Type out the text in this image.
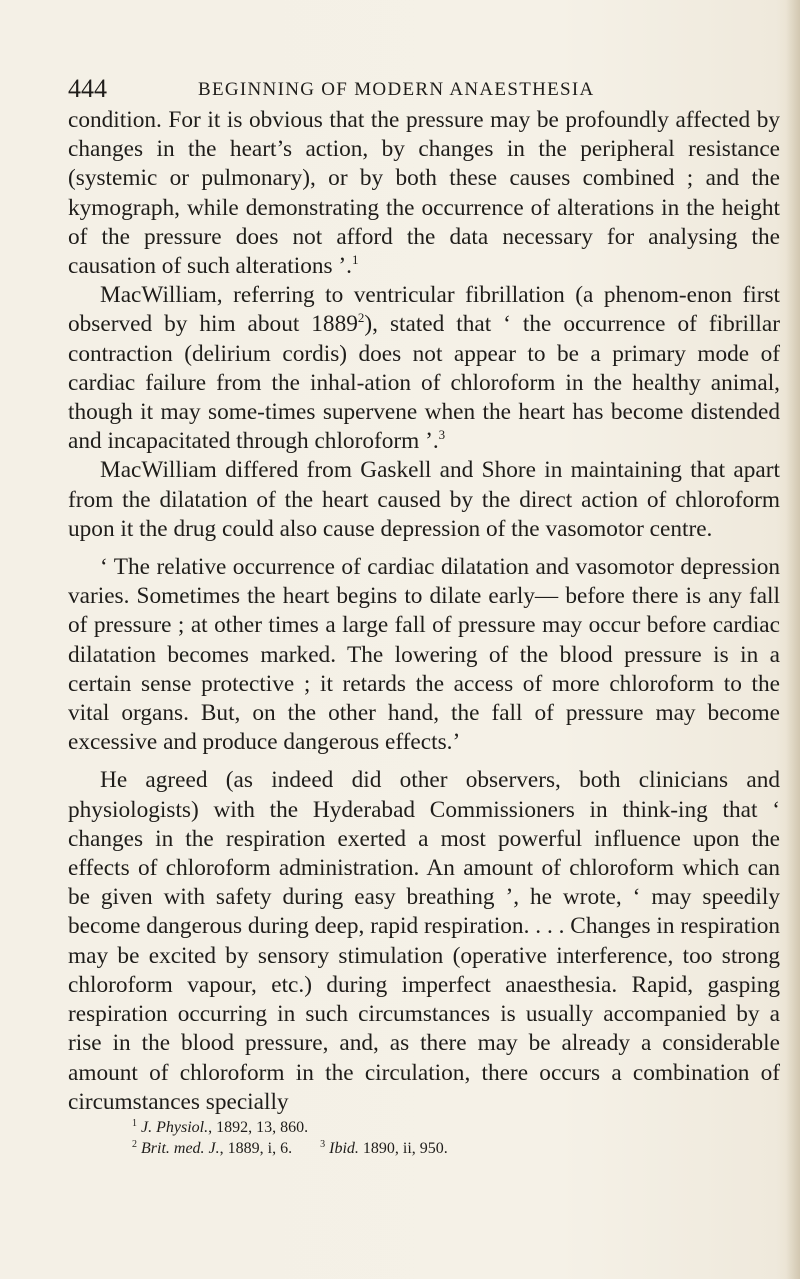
444	BEGINNING OF MODERN ANAESTHESIA

condition. For it is obvious that the pressure may be profoundly affected by changes in the heart’s action, by changes in the peripheral resistance (systemic or pulmonary), or by both these causes combined ; and the kymograph, while demonstrating the occurrence of alterations in the height of the pressure does not afford the data necessary for analysing the causation of such alterations ’.$^1$

MacWilliam, referring to ventricular fibrillation (a phenom-enon first observed by him about 1889$^2$), stated that ‘ the occurrence of fibrillar contraction (delirium cordis) does not appear to be a primary mode of cardiac failure from the inhal-ation of chloroform in the healthy animal, though it may some-times supervene when the heart has become distended and incapacitated through chloroform ’.$^3$

MacWilliam differed from Gaskell and Shore in maintaining that apart from the dilatation of the heart caused by the direct action of chloroform upon it the drug could also cause depression of the vasomotor centre.

‘ The relative occurrence of cardiac dilatation and vasomotor depression varies. Sometimes the heart begins to dilate early— before there is any fall of pressure ; at other times a large fall of pressure may occur before cardiac dilatation becomes marked. The lowering of the blood pressure is in a certain sense protective ; it retards the access of more chloroform to the vital organs. But, on the other hand, the fall of pressure may become excessive and produce dangerous effects.’

He agreed (as indeed did other observers, both clinicians and physiologists) with the Hyderabad Commissioners in think-ing that ‘ changes in the respiration exerted a most powerful influence upon the effects of chloroform administration. An amount of chloroform which can be given with safety during easy breathing ’, he wrote, ‘ may speedily become dangerous during deep, rapid respiration. . . . Changes in respiration may be excited by sensory stimulation (operative interference, too strong chloroform vapour, etc.) during imperfect anaesthesia. Rapid, gasping respiration occurring in such circumstances is usually accompanied by a rise in the blood pressure, and, as there may be already a considerable amount of chloroform in the circulation, there occurs a combination of circumstances specially

$^1$ J. Physiol., 1892, 13, 860.

$^2$ Brit. med. J., 1889, i, 6.	$^3$ Ibid. 1890, ii, 950.
